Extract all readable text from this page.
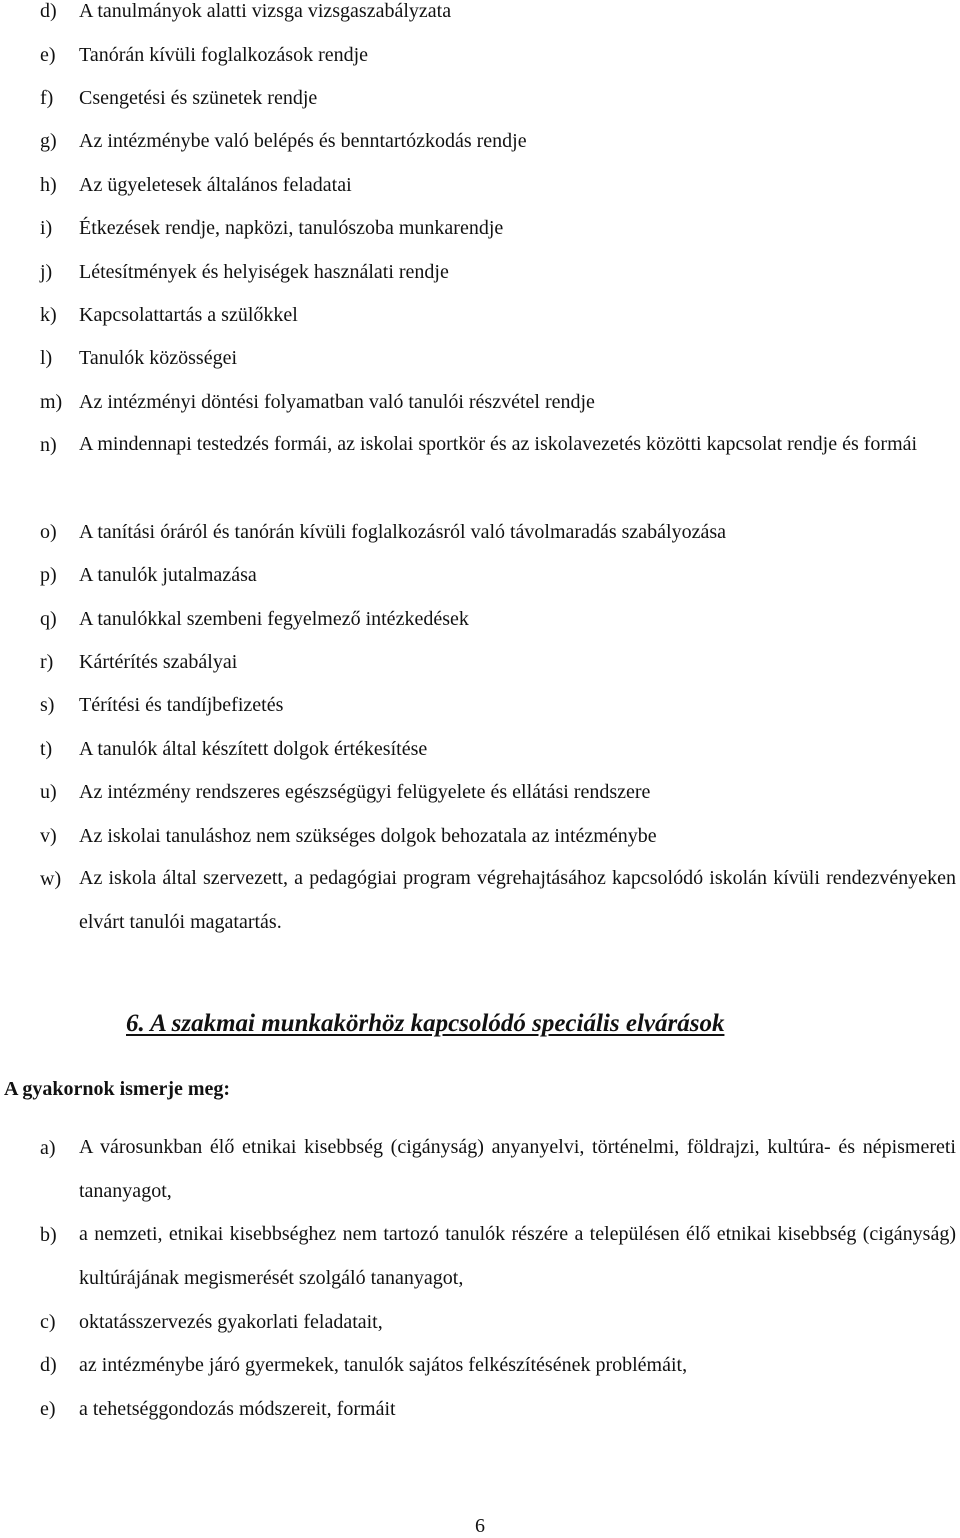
d) A tanulmányok alatti vizsga vizsgaszabályzata
e) Tanórán kívüli foglalkozások rendje
f) Csengetési és szünetek rendje
g) Az intézménybe való belépés és benntartózkodás rendje
h) Az ügyeletesek általános feladatai
i) Étkezések rendje, napközi, tanulószoba munkarendje
j) Létesítmények és helyiségek használati rendje
k) Kapcsolattartás a szülőkkel
l) Tanulók közösségei
m) Az intézményi döntési folyamatban való tanulói részvétel rendje
n) A mindennapi testedzés formái, az iskolai sportkör és az iskolavezetés közötti kapcsolat rendje és formái
o) A tanítási óráról és tanórán kívüli foglalkozásról való távolmaradás szabályozása
p) A tanulók jutalmazása
q) A tanulókkal szembeni fegyelmező intézkedések
r) Kártérítés szabályai
s) Térítési és tandíjbefizetés
t) A tanulók által készített dolgok értékesítése
u) Az intézmény rendszeres egészségügyi felügyelete és ellátási rendszere
v) Az iskolai tanuláshoz nem szükséges dolgok behozatala az intézménybe
w) Az iskola által szervezett, a pedagógiai program végrehajtásához kapcsolódó iskolán kívüli rendezvényeken elvárt tanulói magatartás.
6. A szakmai munkakörhöz kapcsolódó speciális elvárások
A gyakornok ismerje meg:
a) A városunkban élő etnikai kisebbség (cigányság) anyanyelvi, történelmi, földrajzi, kultúra- és népismereti tananyagot,
b) a nemzeti, etnikai kisebbséghez nem tartozó tanulók részére a településen élő etnikai kisebbség (cigányság) kultúrájának megismerését szolgáló tananyagot,
c) oktatásszervezés gyakorlati feladatait,
d) az intézménybe járó gyermekek, tanulók sajátos felkészítésének problémáit,
e) a tehetséggondozás módszereit, formáit
6
